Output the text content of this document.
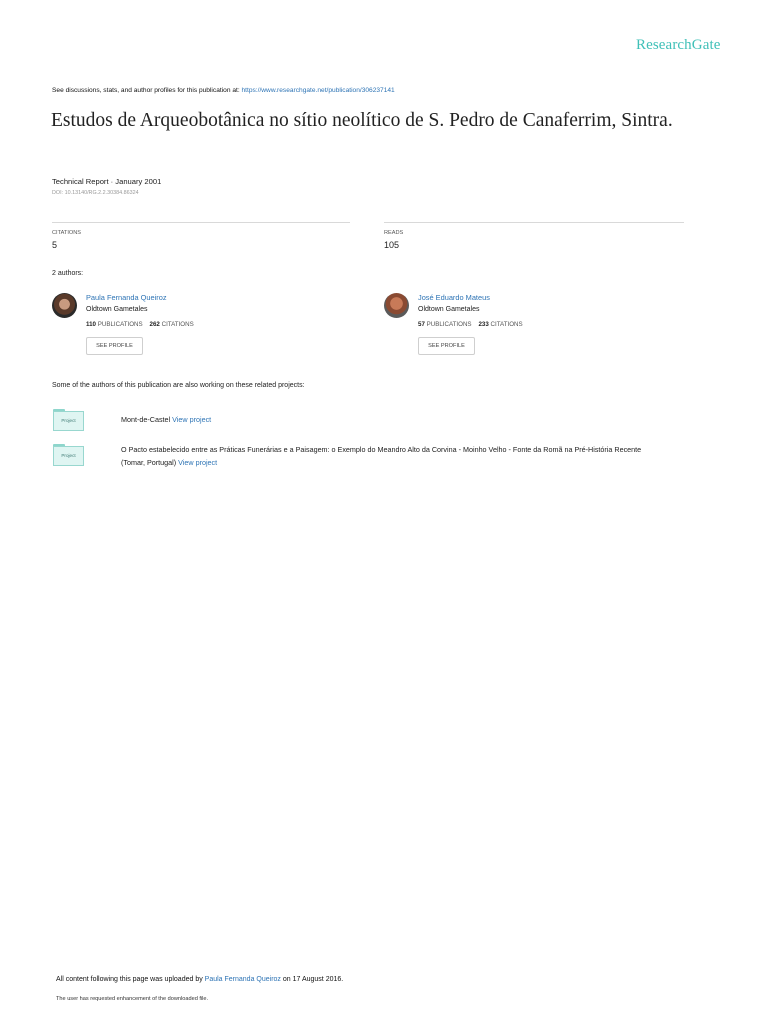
ResearchGate
See discussions, stats, and author profiles for this publication at: https://www.researchgate.net/publication/306237141
Estudos de Arqueobotânica no sítio neolítico de S. Pedro de Canaferrim, Sintra.
Technical Report · January 2001
DOI: 10.13140/RG.2.2.30384.86324
CITATIONS
5
READS
105
2 authors:
Paula Fernanda Queiroz
Oldtown Gametales
110 PUBLICATIONS 262 CITATIONS
SEE PROFILE
José Eduardo Mateus
Oldtown Gametales
57 PUBLICATIONS 233 CITATIONS
SEE PROFILE
Some of the authors of this publication are also working on these related projects:
Project	Mont-de-Castel View project
Project
O Pacto estabelecido entre as Práticas Funerárias e a Paisagem: o Exemplo do Meandro Alto da Corvina - Moinho Velho - Fonte da Romã na Pré-História Recente
(Tomar, Portugal) View project
All content following this page was uploaded by Paula Fernanda Queiroz on 17 August 2016.
The user has requested enhancement of the downloaded file.
